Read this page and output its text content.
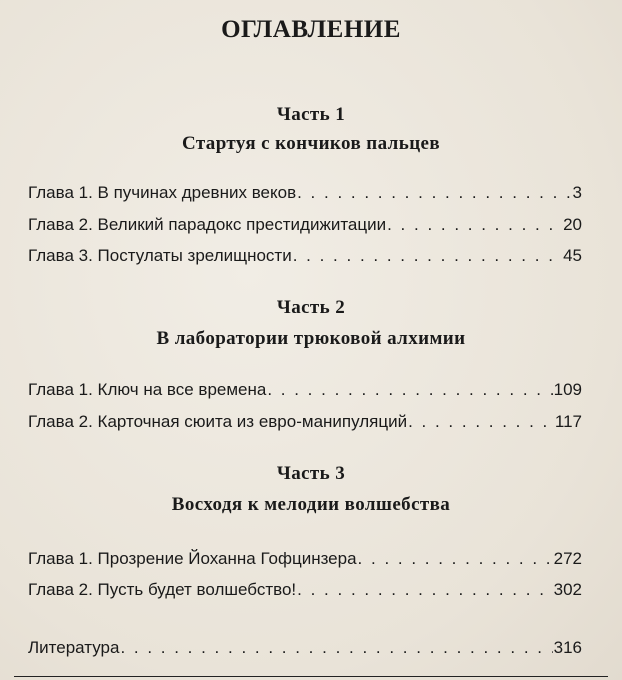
ОГЛАВЛЕНИЕ
Часть 1
Стартуя с кончиков пальцев
Глава 1. В пучинах древних веков . . .	3
Глава 2. Великий парадокс престидижитации . . .	20
Глава 3. Постулаты зрелищности . . .	45
Часть 2
В лаборатории трюковой алхимии
Глава 1. Ключ на все времена . . .	109
Глава 2. Карточная сюита из евро-манипуляций . . .	117
Часть 3
Восходя к мелодии волшебства
Глава 1. Прозрение Йоханна Гофцинзера . . .	272
Глава 2. Пусть будет волшебство! . . .	302
Литература . . .	316
